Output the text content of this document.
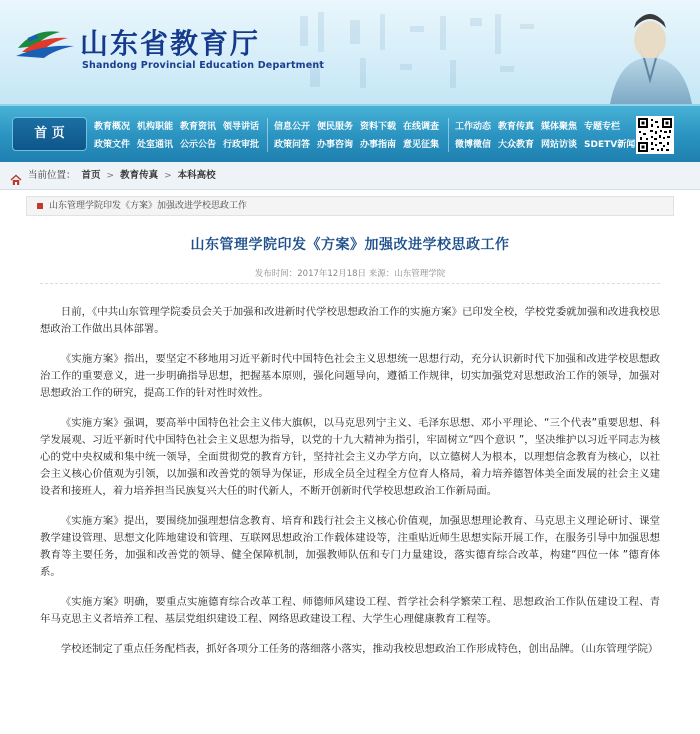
山东省教育厅
Shandong Provincial Education Department
首 页	教育概况 机构职能 教育资讯 领导讲话
政策文件 处室通讯 公示公告 行政审批
信息公开 便民服务 资料下载 在线调查
政策问答 办事咨询 办事指南 意见征集
工作动态 教育传真 媒体聚焦 专题专栏
微博微信 大众教育 网站访谈 SDETV新闻
当前位置： 首页 > 教育传真 > 本科高校
山东管理学院印发《方案》加强改进学校思政工作
山东管理学院印发《方案》加强改进学校思政工作
发布时间：2017年12月18日 来源：山东管理学院

日前，《中共山东管理学院委员会关于加强和改进新时代学校思想政治工作的实施方案》已印发全校，学校党委就加强和改进我校思想政治工作做出具体部署。

《实施方案》指出，要坚定不移地用习近平新时代中国特色社会主义思想统一思想行动，充分认识新时代下加强和改进学校思想政治工作的重要意义，进一步明确指导思想，把握基本原则，强化问题导向，遵循工作规律，切实加强党对思想政治工作的领导，加强对思想政治工作的研究，提高工作的针对性时效性。

《实施方案》强调，要高举中国特色社会主义伟大旗帜，以马克思列宁主义、毛泽东思想、邓小平理论、“三个代表”重要思想、科学发展观、习近平新时代中国特色社会主义思想为指导，以党的十九大精神为指引，牢固树立“四个意识 ”，坚决维护以习近平同志为核心的党中央权威和集中统一领导，全面贯彻党的教育方针，坚持社会主义办学方向，以立德树人为根本，以理想信念教育为核心，以社会主义核心价值观为引领，以加强和改善党的领导为保证，形成全员全过程全方位育人格局，着力培养德智体美全面发展的社会主义建设者和接班人，着力培养担当民族复兴大任的时代新人，不断开创新时代学校思想政治工作新局面。

《实施方案》提出，要围绕加强理想信念教育、培育和践行社会主义核心价值观，加强思想理论教育、马克思主义理论研讨、课堂教学建设管理、思想文化阵地建设和管理、互联网思想政治工作载体建设等，注重贴近师生思想实际开展工作，在服务引导中加强思想教育等主要任务，加强和改善党的领导、健全保障机制，加强教师队伍和专门力量建设，落实德育综合改革，构建“四位一体 ”德育体系。

《实施方案》明确，要重点实施德育综合改革工程、师德师风建设工程、哲学社会科学繁荣工程、思想政治工作队伍建设工程、青年马克思主义者培养工程、基层党组织建设工程、网络思政建设工程、大学生心理健康教育工程等。

学校还制定了重点任务配档表，抓好各项分工任务的落细落小落实，推动我校思想政治工作形成特色，创出品牌。（山东管理学院）
